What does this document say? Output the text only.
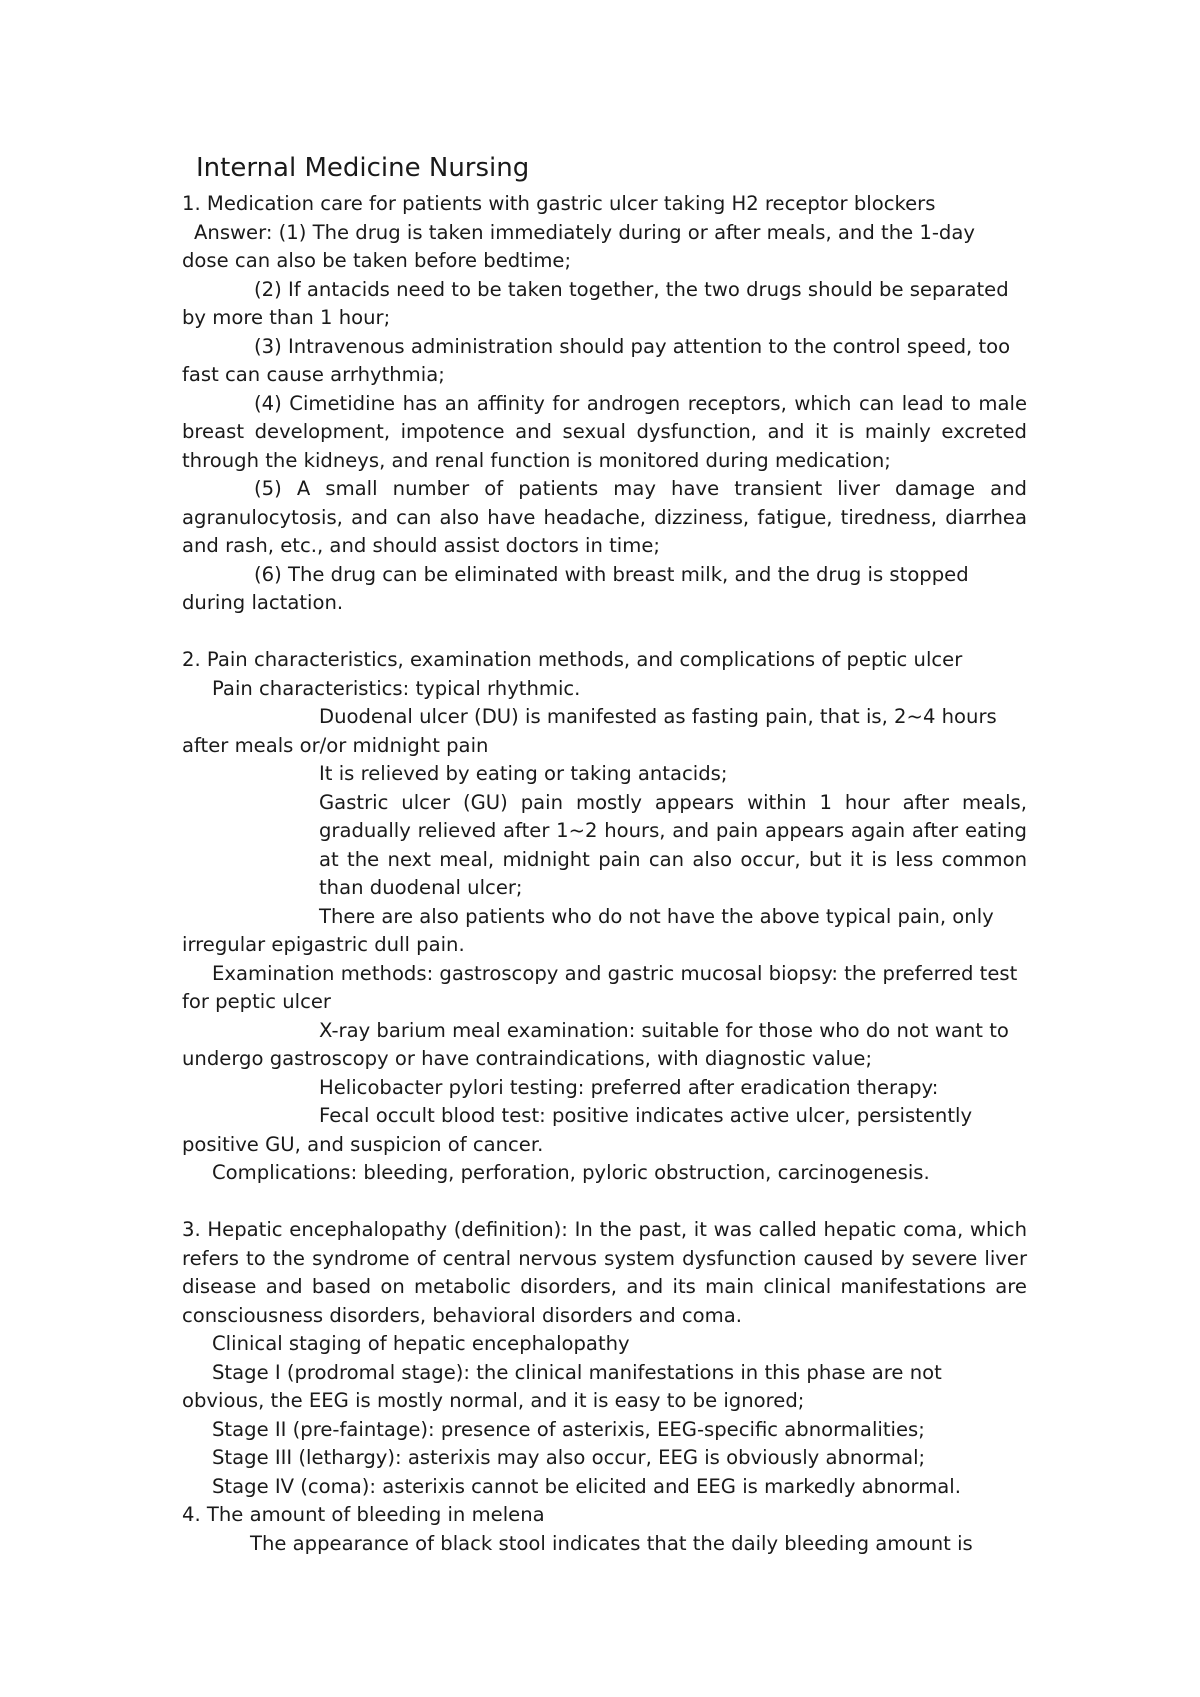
Internal Medicine Nursing

1. Medication care for patients with gastric ulcer taking H2 receptor blockers

Answer: (1) The drug is taken immediately during or after meals, and the 1-day dose can also be taken before bedtime;

(2) If antacids need to be taken together, the two drugs should be separated by more than 1 hour;

(3) Intravenous administration should pay attention to the control speed, too fast can cause arrhythmia;

(4) Cimetidine has an affinity for androgen receptors, which can lead to male breast development, impotence and sexual dysfunction, and it is mainly excreted through the kidneys, and renal function is monitored during medication;

(5) A small number of patients may have transient liver damage and agranulocytosis, and can also have headache, dizziness, fatigue, tiredness, diarrhea and rash, etc., and should assist doctors in time;

(6) The drug can be eliminated with breast milk, and the drug is stopped during lactation.

2. Pain characteristics, examination methods, and complications of peptic ulcer

Pain characteristics: typical rhythmic.

Duodenal ulcer (DU) is manifested as fasting pain, that is, 2~4 hours after meals or/or midnight pain

It is relieved by eating or taking antacids;

Gastric ulcer (GU) pain mostly appears within 1 hour after meals, gradually relieved after 1~2 hours, and pain appears again after eating at the next meal, midnight pain can also occur, but it is less common than duodenal ulcer;

There are also patients who do not have the above typical pain, only irregular epigastric dull pain.

Examination methods: gastroscopy and gastric mucosal biopsy: the preferred test for peptic ulcer

X-ray barium meal examination: suitable for those who do not want to undergo gastroscopy or have contraindications, with diagnostic value;

Helicobacter pylori testing: preferred after eradication therapy:

Fecal occult blood test: positive indicates active ulcer, persistently positive GU, and suspicion of cancer.

Complications: bleeding, perforation, pyloric obstruction, carcinogenesis.

3. Hepatic encephalopathy (definition): In the past, it was called hepatic coma, which refers to the syndrome of central nervous system dysfunction caused by severe liver disease and based on metabolic disorders, and its main clinical manifestations are consciousness disorders, behavioral disorders and coma.

Clinical staging of hepatic encephalopathy

Stage I (prodromal stage): the clinical manifestations in this phase are not obvious, the EEG is mostly normal, and it is easy to be ignored;

Stage II (pre-faintage): presence of asterixis, EEG-specific abnormalities;

Stage III (lethargy): asterixis may also occur, EEG is obviously abnormal;

Stage IV (coma): asterixis cannot be elicited and EEG is markedly abnormal.

4. The amount of bleeding in melena

The appearance of black stool indicates that the daily bleeding amount is
